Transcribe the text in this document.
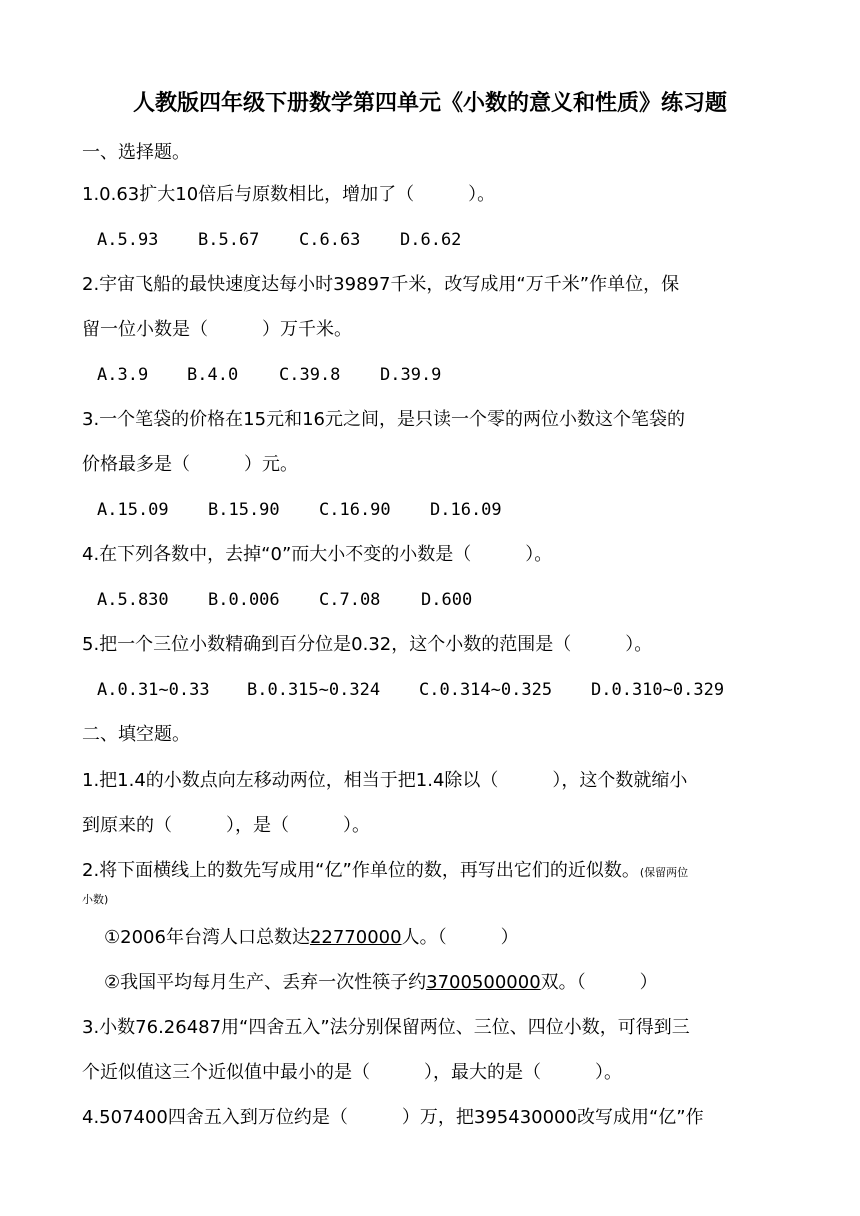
人教版四年级下册数学第四单元《小数的意义和性质》练习题
一、选择题。
1.0.63扩大10倍后与原数相比，增加了（　　　）。
A.5.93 B.5.67 C.6.63 D.6.62
2.宇宙飞船的最快速度达每小时39897千米，改写成用“万千米”作单位，保
留一位小数是（　　　）万千米。
A.3.9 B.4.0 C.39.8 D.39.9
3.一个笔袋的价格在15元和16元之间，是只读一个零的两位小数这个笔袋的
价格最多是（　　　）元。
A.15.09 B.15.90 C.16.90 D.16.09
4.在下列各数中，去掉“0”而大小不变的小数是（　　　）。
A.5.830 B.0.006 C.7.08 D.600
5.把一个三位小数精确到百分位是0.32，这个小数的范围是（　　　）。
A.0.31~0.33 B.0.315~0.324 C.0.314~0.325 D.0.310~0.329
二、填空题。
1.把1.4的小数点向左移动两位，相当于把1.4除以（　　　），这个数就缩小
到原来的（　　　），是（　　　）。
2.将下面横线上的数先写成用“亿”作单位的数，再写出它们的近似数。(保留两位
小数)
①2006年台湾人口总数达22770000人。（　　　）
②我国平均每月生产、丢弃一次性筷子约3700500000双。（　　　）
3.小数76.26487用“四舍五入”法分别保留两位、三位、四位小数，可得到三
个近似值这三个近似值中最小的是（　　　），最大的是（　　　）。
4.507400四舍五入到万位约是（　　　）万，把395430000改写成用“亿”作
